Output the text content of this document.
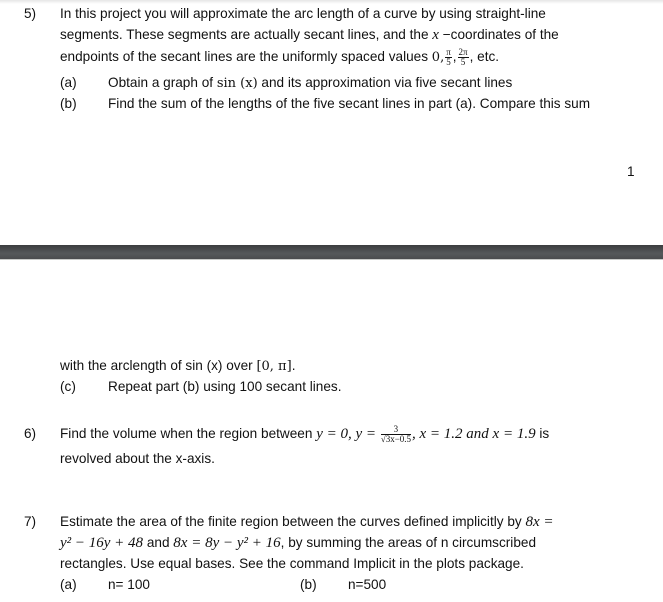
5) In this project you will approximate the arc length of a curve by using straight-line
segments. These segments are actually secant lines, and the x −coordinates of the
endpoints of the secant lines are the uniformly spaced values 0, $\frac{\pi}{5}$ , $\frac{2\pi}{5}$ , etc.
(a) Obtain a graph of sin (x) and its approximation via five secant lines
(b) Find the sum of the lengths of the five secant lines in part (a). Compare this sum
1
with the arclength of sin (x) over [0, π].
(c) Repeat part (b) using 100 secant lines.
6) Find the volume when the region between y = 0, $y = \frac{3}{√3x-0.5}$ , x = 1.2 and x = 1.9 is
revolved about the x-axis.
7) Estimate the area of the finite region between the curves defined implicitly by 8x =
y² − 16y + 48 and 8x = 8y − y² + 16, by summing the areas of n circumscribed
rectangles. Use equal bases. See the command Implicit in the plots package.
(a) n= 100	(b) n=500
